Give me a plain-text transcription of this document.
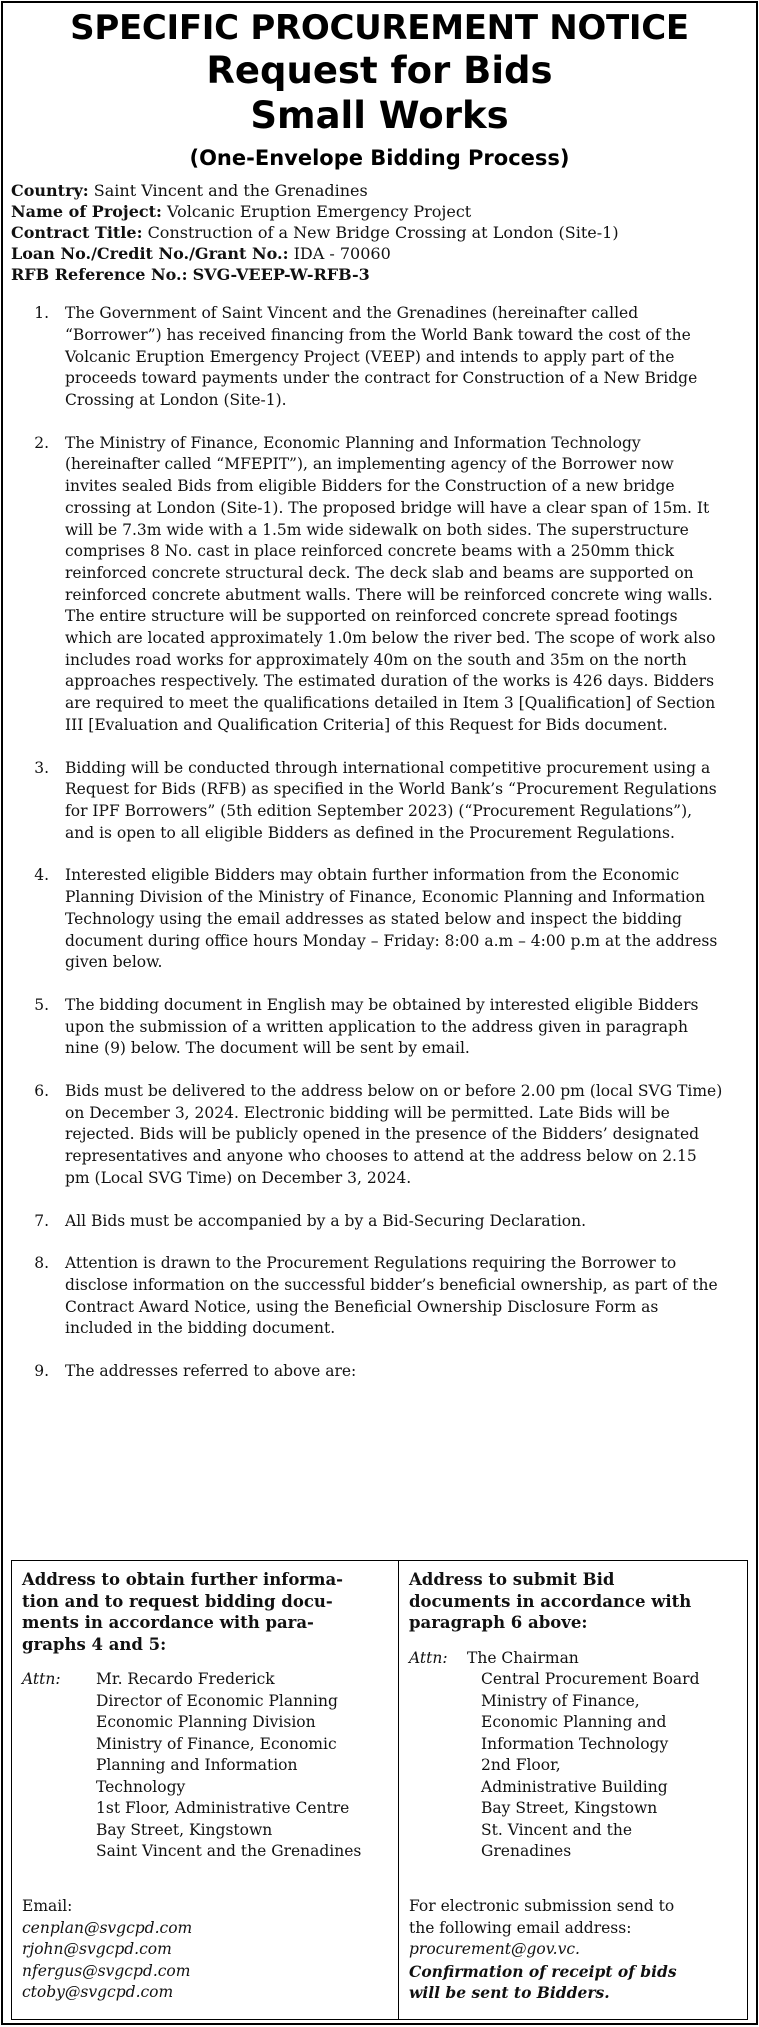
SPECIFIC PROCUREMENT NOTICE
Request for Bids
Small Works
(One-Envelope Bidding Process)
Country: Saint Vincent and the Grenadines
Name of Project: Volcanic Eruption Emergency Project
Contract Title: Construction of a New Bridge Crossing at London (Site-1)
Loan No./Credit No./Grant No.: IDA - 70060
RFB Reference No.: SVG-VEEP-W-RFB-3
1.	The Government of Saint Vincent and the Grenadines (hereinafter called “Borrower”) has received financing from the World Bank toward the cost of the Volcanic Eruption Emergency Project (VEEP) and intends to apply part of the proceeds toward payments under the contract for Construction of a New Bridge Crossing at London (Site-1).
2.	The Ministry of Finance, Economic Planning and Information Technology (hereinafter called “MFEPIT”), an implementing agency of the Borrower now invites sealed Bids from eligible Bidders for the Construction of a new bridge crossing at London (Site-1). The proposed bridge will have a clear span of 15m. It will be 7.3m wide with a 1.5m wide sidewalk on both sides. The superstructure comprises 8 No. cast in place reinforced concrete beams with a 250mm thick reinforced concrete structural deck. The deck slab and beams are supported on reinforced concrete abutment walls. There will be reinforced concrete wing walls. The entire structure will be supported on reinforced concrete spread footings which are located approximately 1.0m below the river bed. The scope of work also includes road works for approximately 40m on the south and 35m on the north approaches respectively. The estimated duration of the works is 426 days. Bidders are required to meet the qualifications detailed in Item 3 [Qualification] of Section III [Evaluation and Qualification Criteria] of this Request for Bids document.
3.	Bidding will be conducted through international competitive procurement using a Request for Bids (RFB) as specified in the World Bank’s “Procurement Regulations for IPF Borrowers” (5th edition September 2023) (“Procurement Regulations”), and is open to all eligible Bidders as defined in the Procurement Regulations.
4.	Interested eligible Bidders may obtain further information from the Economic Planning Division of the Ministry of Finance, Economic Planning and Information Technology using the email addresses as stated below and inspect the bidding document during office hours Monday – Friday: 8:00 a.m – 4:00 p.m at the address given below.
5.	The bidding document in English may be obtained by interested eligible Bidders upon the submission of a written application to the address given in paragraph nine (9) below. The document will be sent by email.
6.	Bids must be delivered to the address below on or before 2.00 pm (local SVG Time) on December 3, 2024. Electronic bidding will be permitted. Late Bids will be rejected. Bids will be publicly opened in the presence of the Bidders’ designated representatives and anyone who chooses to attend at the address below on 2.15 pm (Local SVG Time) on December 3, 2024.
7.	All Bids must be accompanied by a by a Bid-Securing Declaration.
8.	Attention is drawn to the Procurement Regulations requiring the Borrower to disclose information on the successful bidder’s beneficial ownership, as part of the Contract Award Notice, using the Beneficial Ownership Disclosure Form as included in the bidding document.
9.	The addresses referred to above are:
Address to obtain further informa-
tion and to request bidding docu-
ments in accordance with para-
graphs 4 and 5:
Attn:	Mr. Recardo Frederick
Director of Economic Planning
Economic Planning Division
Ministry of Finance, Economic
Planning and Information
Technology
1st Floor, Administrative Centre
Bay Street, Kingstown
Saint Vincent and the Grenadines
Email:
cenplan@svgcpd.com
rjohn@svgcpd.com
nfergus@svgcpd.com
ctoby@svgcpd.com
Address to submit Bid
documents in accordance with
paragraph 6 above:
Attn:	The Chairman
Central Procurement Board
Ministry of Finance,
Economic Planning and
Information Technology
2nd Floor,
Administrative Building
Bay Street, Kingstown
St. Vincent and the
Grenadines
For electronic submission send to
the following email address:
procurement@gov.vc.
Confirmation of receipt of bids
will be sent to Bidders.
